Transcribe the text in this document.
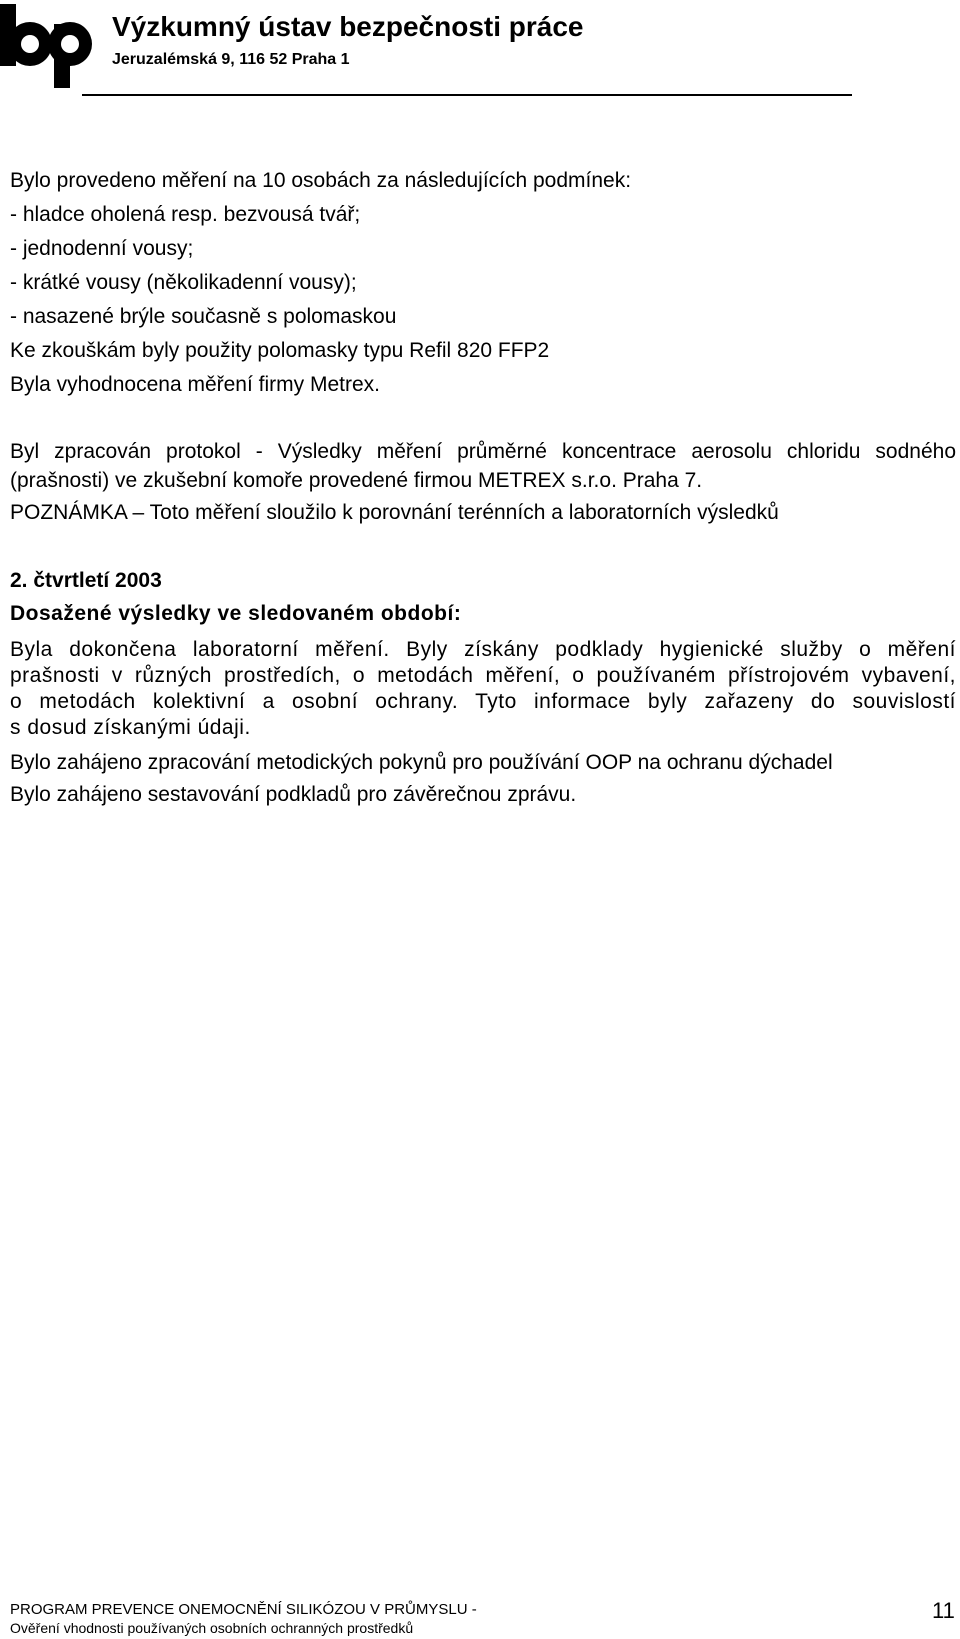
Výzkumný ústav bezpečnosti práce
Jeruzalémská 9, 116 52 Praha 1
Bylo provedeno měření na 10 osobách za následujících podmínek:
- hladce oholená resp. bezvousá tvář;
- jednodenní vousy;
- krátké vousy (několikadenní vousy);
- nasazené brýle současně s polomaskou
Ke zkouškám byly použity polomasky typu Refil 820 FFP2
Byla vyhodnocena měření firmy Metrex.
Byl zpracován protokol - Výsledky měření průměrné koncentrace aerosolu chloridu sodného
(prašnosti) ve zkušební komoře provedené firmou METREX s.r.o. Praha 7.
POZNÁMKA – Toto měření sloužilo k porovnání terénních a laboratorních výsledků
2. čtvrtletí 2003
Dosažené výsledky ve sledovaném období:
Byla dokončena laboratorní měření. Byly získány podklady hygienické služby o měření
prašnosti v různých prostředích, o metodách měření, o používaném přístrojovém vybavení,
o metodách kolektivní a osobní ochrany. Tyto informace byly zařazeny do souvislostí
s dosud získanými údaji.
Bylo zahájeno zpracování metodických pokynů pro používání OOP na ochranu dýchadel
Bylo zahájeno sestavování podkladů pro závěrečnou zprávu.
PROGRAM PREVENCE ONEMOCNĚNÍ SILIKÓZOU V PRŮMYSLU -
Ověření vhodnosti používaných osobních ochranných prostředků
11
